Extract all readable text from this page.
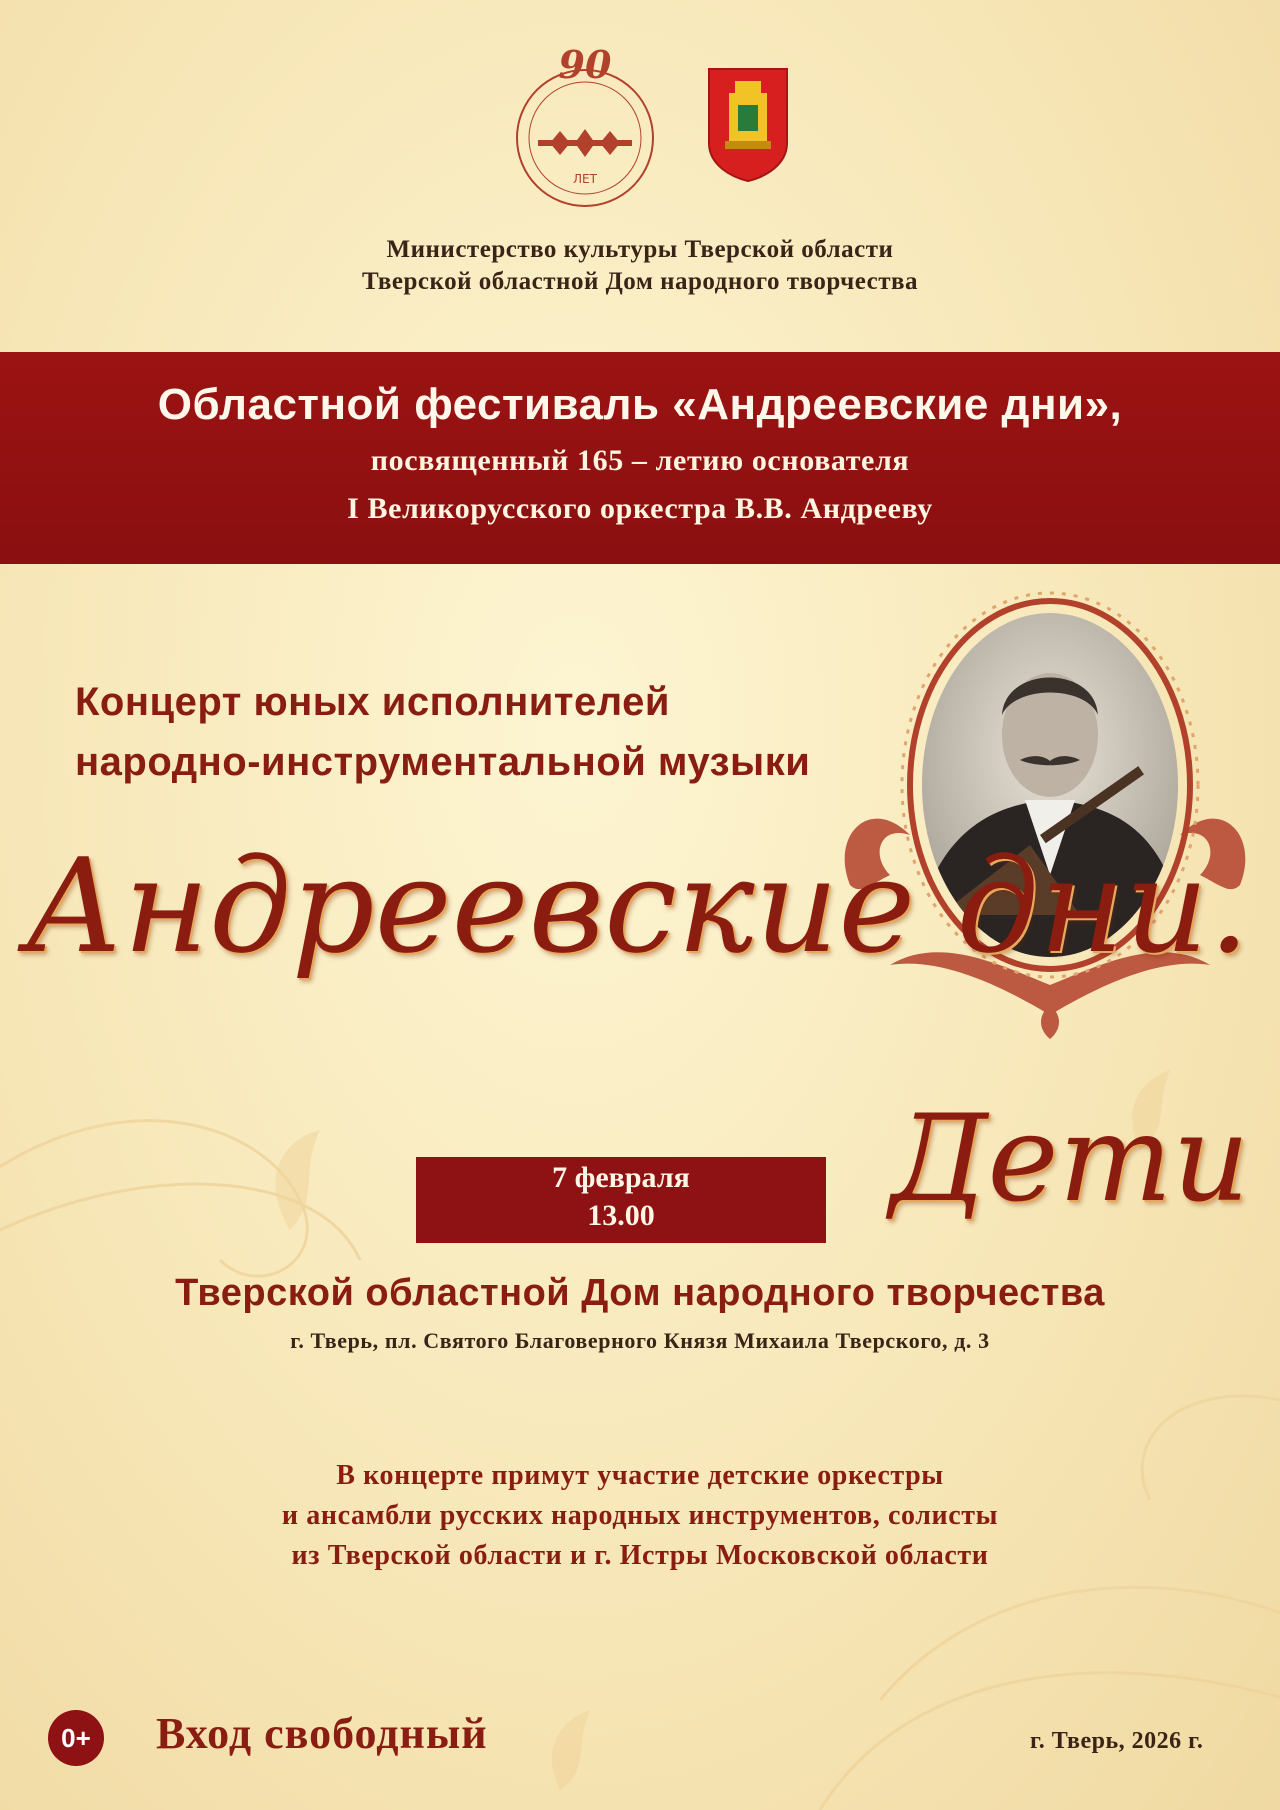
90
ЛЕТ
Министерство культуры Тверской области
Тверской областной Дом народного творчества
Областной фестиваль «Андреевские дни»,
посвященный 165 – летию основателя
I Великорусского оркестра В.В. Андрееву
Концерт юных исполнителей
народно-инструментальной музыки
Андреевские дни.
Дети
7 февраля
13.00
Тверской областной Дом народного творчества
г. Тверь, пл. Святого Благоверного Князя Михаила Тверского, д. 3
В концерте примут участие детские оркестры
и ансамбли русских народных инструментов, солисты
из Тверской области и г. Истры Московской области
0+ Вход свободный	г. Тверь, 2026 г.
